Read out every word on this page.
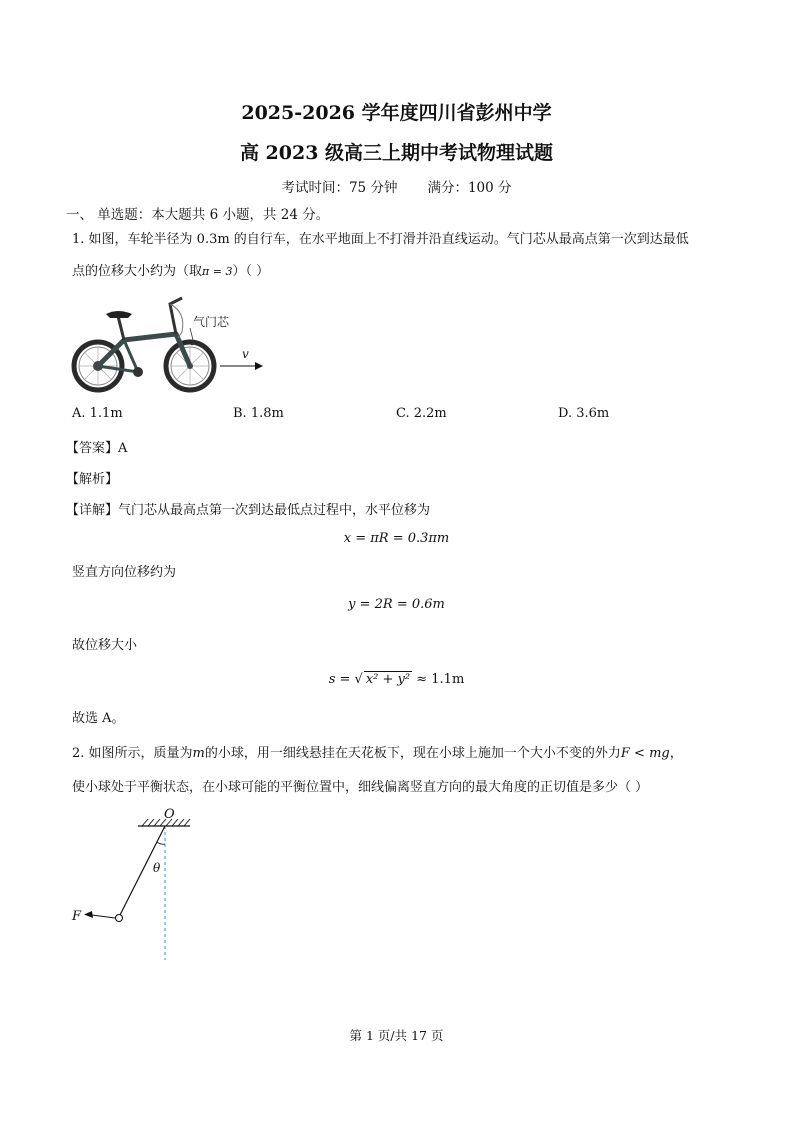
2025-2026 学年度四川省彭州中学
高 2023 级高三上期中考试物理试题
考试时间：75 分钟 满分：100 分
一、 单选题：本大题共 6 小题，共 24 分。
1. 如图，车轮半径为 0.3m 的自行车，在水平地面上不打滑并沿直线运动。气门芯从最高点第一次到达最低
点的位移大小约为（取π = 3）（ ）
气门芯
v
A. 1.1m	B. 1.8m	C. 2.2m	D. 3.6m
【答案】A
【解析】
【详解】气门芯从最高点第一次到达最低点过程中，水平位移为
x = πR = 0.3πm
竖直方向位移约为
y = 2R = 0.6m
故位移大小
s = √ x² + y² ≈ 1.1m
故选 A。
2. 如图所示，质量为m的小球，用一细线悬挂在天花板下，现在小球上施加一个大小不变的外力F < mg，
使小球处于平衡状态，在小球可能的平衡位置中，细线偏离竖直方向的最大角度的正切值是多少（ ）
O
θ
F
第 1 页/共 17 页
